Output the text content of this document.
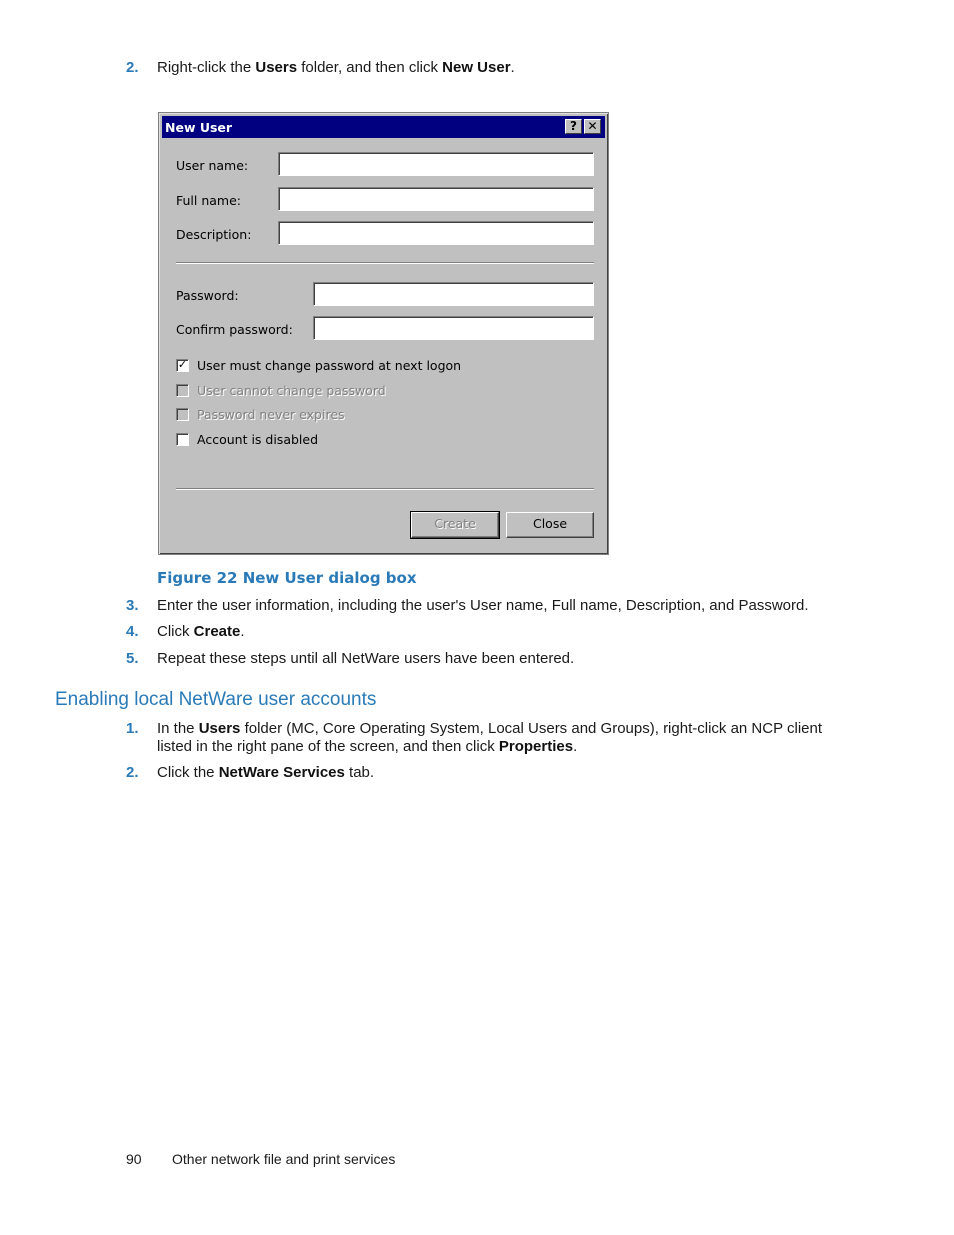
2.	Right-click the Users folder, and then click New User.
New User	? ✕
User name:
Full name:
Description:
Password:
Confirm password:
✓ User must change password at next logon
User cannot change password
Password never expires
Account is disabled
Create	Close
Figure 22 New User dialog box
3.	Enter the user information, including the user's User name, Full name, Description, and Password.
4.	Click Create.
5.	Repeat these steps until all NetWare users have been entered.
Enabling local NetWare user accounts
1.	In the Users folder (MC, Core Operating System, Local Users and Groups), right-click an NCP client
listed in the right pane of the screen, and then click Properties.
2.	Click the NetWare Services tab.
90 Other network file and print services
